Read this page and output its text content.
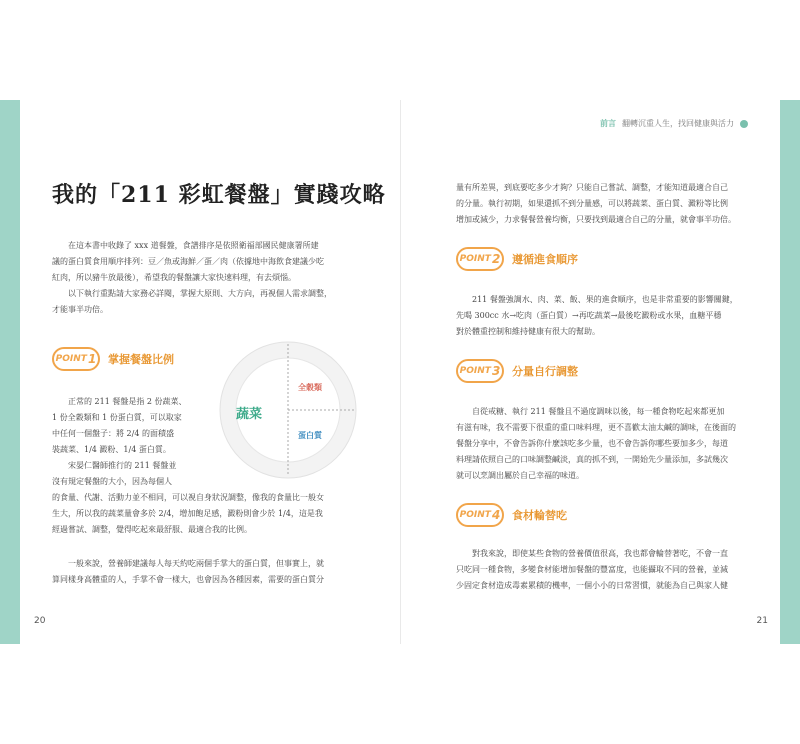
前言 翻轉沉重人生，找回健康與活力
我的「211 彩虹餐盤」實踐攻略
在這本書中收錄了 xxx 道餐盤，食譜排序是依照衛福部國民健康署所建
議的蛋白質食用順序排列：豆／魚或海鮮／蛋／肉（依據地中海飲食建議少吃
紅肉，所以豬牛放最後），希望我的餐盤讓大家快速料理，有去煩惱。
以下執行重點請大家務必詳閱，掌握大原則、大方向，再視個人需求調整，
才能事半功倍。
POINT 1 掌握餐盤比例
蔬菜
全穀類
蛋白質
正常的 211 餐盤是指 2 份蔬菜、
1 份全穀類和 1 份蛋白質，可以取家
中任何一個盤子：將 2/4 的面積盛
裝蔬菜、1/4 澱粉、1/4 蛋白質。
宋晏仁醫師推行的 211 餐盤並
沒有規定餐盤的大小，因為每個人
的食量、代謝、活動力並不相同，可以視自身狀況調整，像我的食量比一般女
生大，所以我的蔬菜量會多於 2/4，增加飽足感，澱粉則會少於 1/4，這是我
經過嘗試、調整，覺得吃起來最舒服、最適合我的比例。
一般來說，營養師建議每人每天約吃兩個手掌大的蛋白質，但事實上，就
算同樣身高體重的人，手掌不會一樣大，也會因為各種因素，需要的蛋白質分
20
量有所差異，到底要吃多少才夠？只能自己嘗試、調整，才能知道最適合自己
的分量。執行初期，如果還抓不到分量感，可以將蔬菜、蛋白質、澱粉等比例
增加或減少，力求餐餐營養均衡，只要找到最適合自己的分量，就會事半功倍。
POINT 2 遵循進食順序
211 餐盤強調水、肉、菜、飯、果的進食順序，也是非常重要的影響關鍵，
先喝 300cc 水→吃肉（蛋白質）→再吃蔬菜→最後吃澱粉或水果，血糖平穩
對於體重控制和維持健康有很大的幫助。
POINT 3 分量自行調整
自從戒糖、執行 211 餐盤且不過度調味以後，每一種食物吃起來都更加
有滋有味，我不需要下很重的重口味料理，更不喜歡太油太鹹的調味，在後面的
餐盤分享中，不會告訴你什麼該吃多少量，也不會告訴你哪些要加多少，每道
料理請依照自己的口味調整鹹淡，真的抓不到，一開始先少量添加，多試幾次
就可以烹調出屬於自己幸福的味道。
POINT 4 食材輪替吃
對我來說，即使某些食物的營養價值很高，我也都會輪替著吃，不會一直
只吃同一種食物，多變食材能增加餐盤的豐富度，也能攝取不同的營養，並減
少固定食材造成毒素累積的機率，一個小小的日常習慣，就能為自己與家人健
21
